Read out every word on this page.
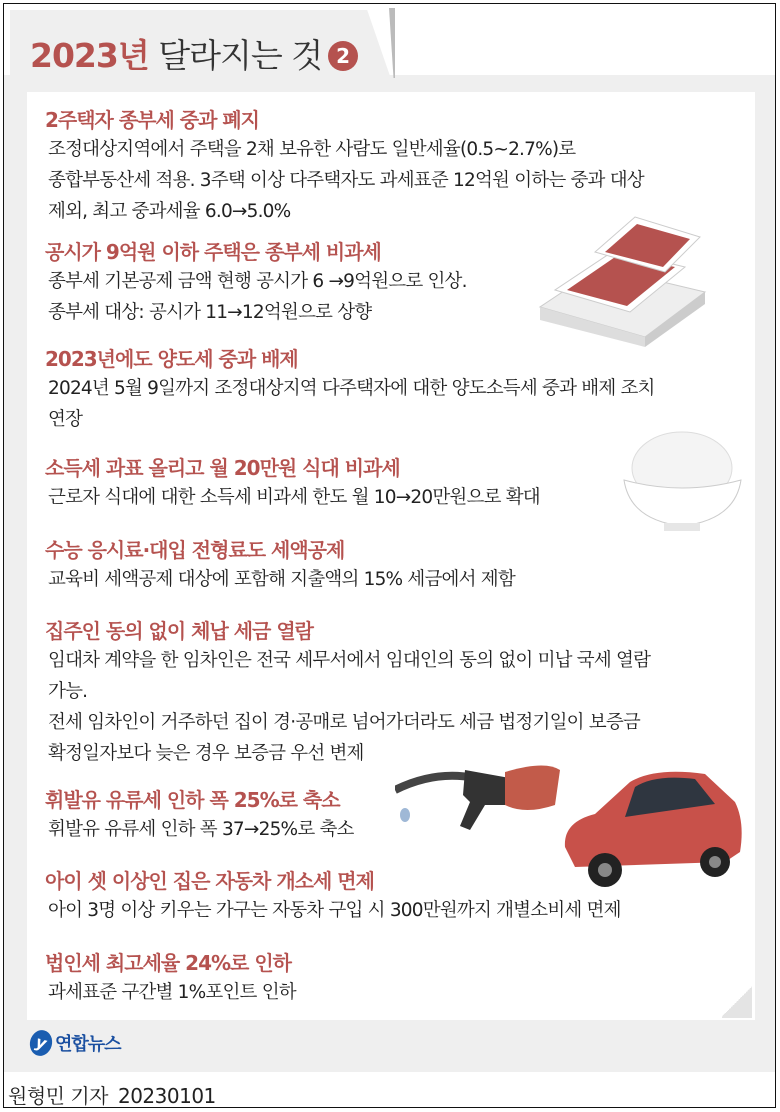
2023년 달라지는 것 2
2주택자 종부세 중과 폐지
조정대상지역에서 주택을 2채 보유한 사람도 일반세율(0.5~2.7%)로
종합부동산세 적용. 3주택 이상 다주택자도 과세표준 12억원 이하는 중과 대상
제외, 최고 중과세율 6.0→5.0%
공시가 9억원 이하 주택은 종부세 비과세
종부세 기본공제 금액 현행 공시가 6 →9억원으로 인상.
종부세 대상: 공시가 11→12억원으로 상향
2023년에도 양도세 중과 배제
2024년 5월 9일까지 조정대상지역 다주택자에 대한 양도소득세 중과 배제 조치
연장
소득세 과표 올리고 월 20만원 식대 비과세
근로자 식대에 대한 소득세 비과세 한도 월 10→20만원으로 확대
수능 응시료·대입 전형료도 세액공제
교육비 세액공제 대상에 포함해 지출액의 15% 세금에서 제함
집주인 동의 없이 체납 세금 열람
임대차 계약을 한 임차인은 전국 세무서에서 임대인의 동의 없이 미납 국세 열람
가능.
전세 임차인이 거주하던 집이 경·공매로 넘어가더라도 세금 법정기일이 보증금
확정일자보다 늦은 경우 보증금 우선 변제
휘발유 유류세 인하 폭 25%로 축소
휘발유 유류세 인하 폭 37→25%로 축소
아이 셋 이상인 집은 자동차 개소세 면제
아이 3명 이상 키우는 가구는 자동차 구입 시 300만원까지 개별소비세 면제
법인세 최고세율 24%로 인하
과세표준 구간별 1%포인트 인하
y 연합뉴스
원형민 기자 20230101
